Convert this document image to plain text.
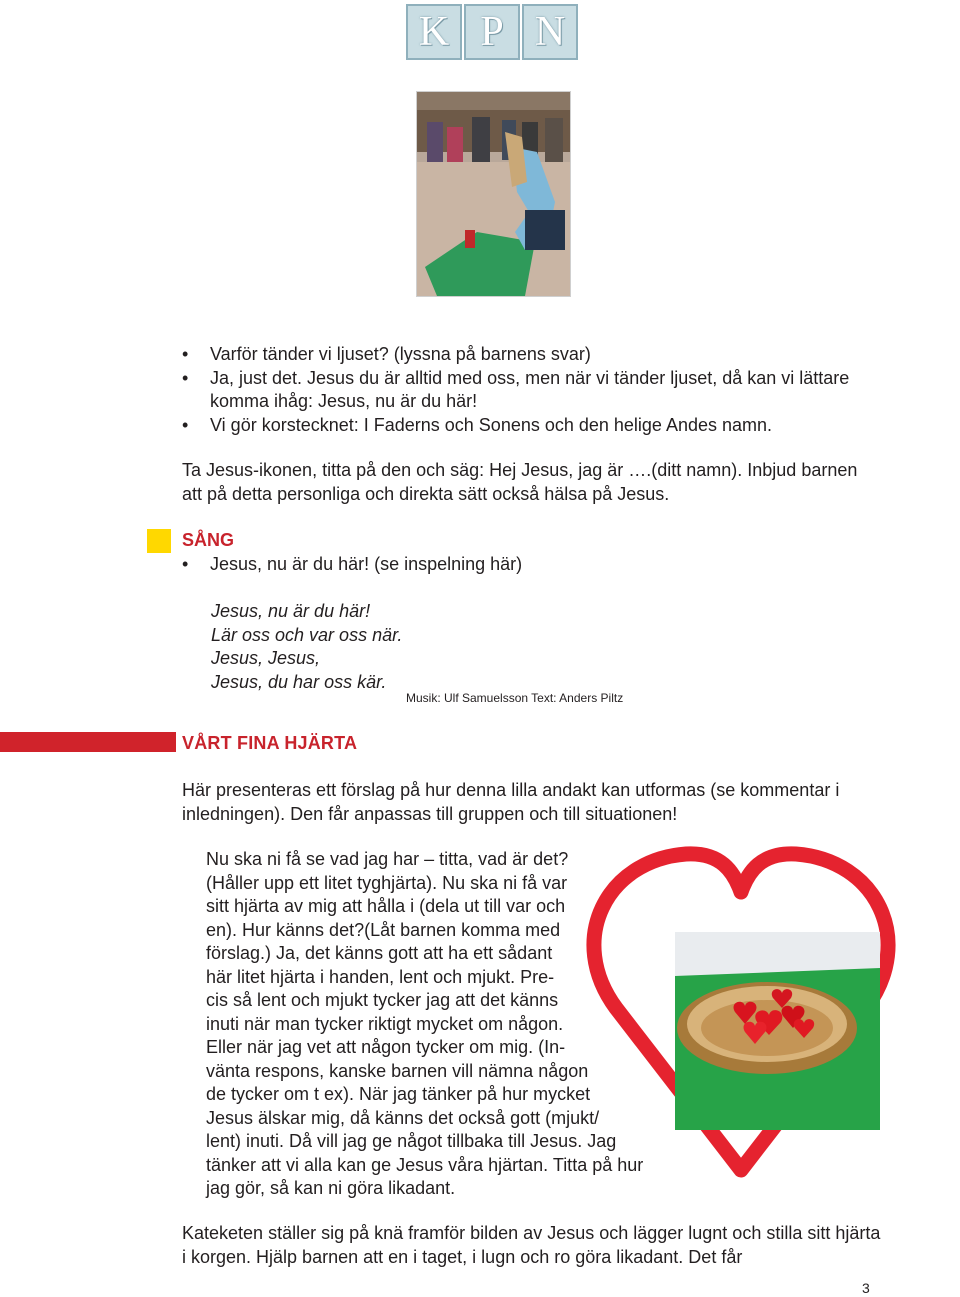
K P N
• Varför tänder vi ljuset? (lyssna på barnens svar)
• Ja, just det. Jesus du är alltid med oss, men när vi tänder ljuset, då kan vi lättare komma ihåg: Jesus, nu är du här!
• Vi gör korstecknet: I Faderns och Sonens och den helige Andes namn.
Ta Jesus-ikonen, titta på den och säg: Hej Jesus, jag är ….(ditt namn). Inbjud barnen att på detta personliga och direkta sätt också hälsa på Jesus.
SÅNG
• Jesus, nu är du här! (se inspelning här)
Jesus, nu är du här!
Lär oss och var oss när.
Jesus, Jesus,
Jesus, du har oss kär.
Musik: Ulf Samuelsson Text: Anders Piltz
VÅRT FINA HJÄRTA
Här presenteras ett förslag på hur denna lilla andakt kan utformas (se kommentar i inledningen). Den får anpassas till gruppen och till situationen!
Nu ska ni få se vad jag har – titta, vad är det?
(Håller upp ett litet tyghjärta). Nu ska ni få var
sitt hjärta av mig att hålla i (dela ut till var och
en). Hur känns det?(Låt barnen komma med
förslag.) Ja, det känns gott att ha ett sådant
här litet hjärta i handen, lent och mjukt. Pre-
cis så lent och mjukt tycker jag att det känns
inuti när man tycker riktigt mycket om någon.
Eller när jag vet att någon tycker om mig. (In-
vänta respons, kanske barnen vill nämna någon
de tycker om t ex). När jag tänker på hur mycket
Jesus älskar mig, då känns det också gott (mjukt/
lent) inuti. Då vill jag ge något tillbaka till Jesus. Jag
tänker att vi alla kan ge Jesus våra hjärtan. Titta på hur
jag gör, så kan ni göra likadant.
Kateketen ställer sig på knä framför bilden av Jesus och lägger lugnt och stilla sitt hjärta i korgen. Hjälp barnen att en i taget, i lugn och ro göra likadant. Det får
3
